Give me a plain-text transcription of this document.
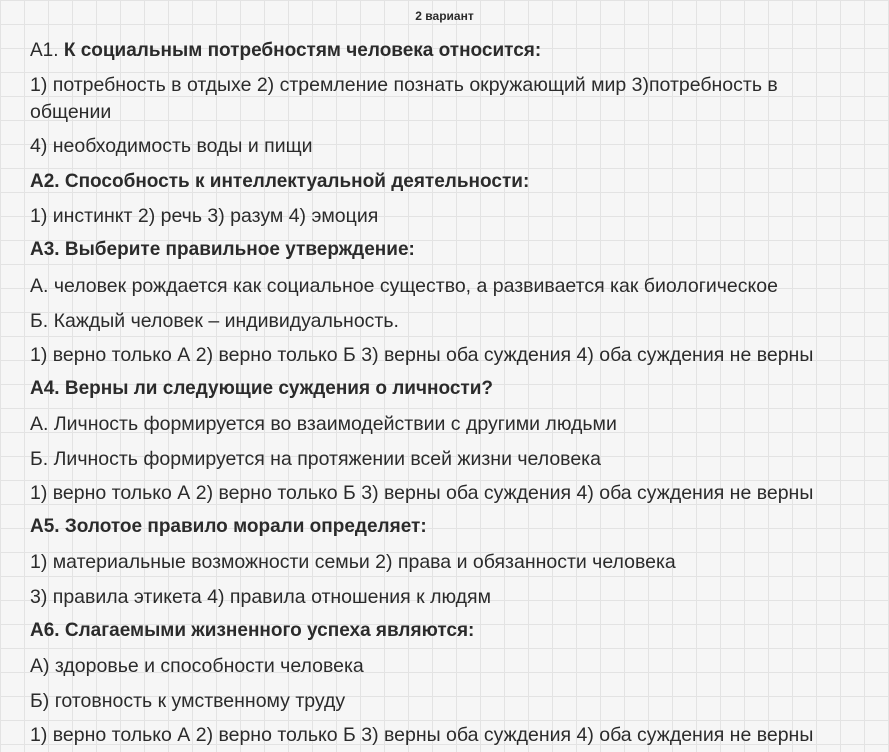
2 вариант
А1. К социальным потребностям человека относится:
1) потребность в отдыхе 2) стремление познать окружающий мир 3)потребность в
общении
4) необходимость воды и пищи
А2. Способность к интеллектуальной деятельности:
1) инстинкт 2) речь 3) разум 4) эмоция
А3. Выберите правильное утверждение:
А. человек рождается как социальное существо, а развивается как биологическое
Б. Каждый человек – индивидуальность.
1) верно только А 2) верно только Б 3) верны оба суждения 4) оба суждения не верны
А4. Верны ли следующие суждения о личности?
А. Личность формируется во взаимодействии с другими людьми
Б. Личность формируется на протяжении всей жизни человека
1) верно только А 2) верно только Б 3) верны оба суждения 4) оба суждения не верны
А5. Золотое правило морали определяет:
1) материальные возможности семьи 2) права и обязанности человека
3) правила этикета 4) правила отношения к людям
А6. Слагаемыми жизненного успеха являются:
А) здоровье и способности человека
Б) готовность к умственному труду
1) верно только А 2) верно только Б 3) верны оба суждения 4) оба суждения не верны
